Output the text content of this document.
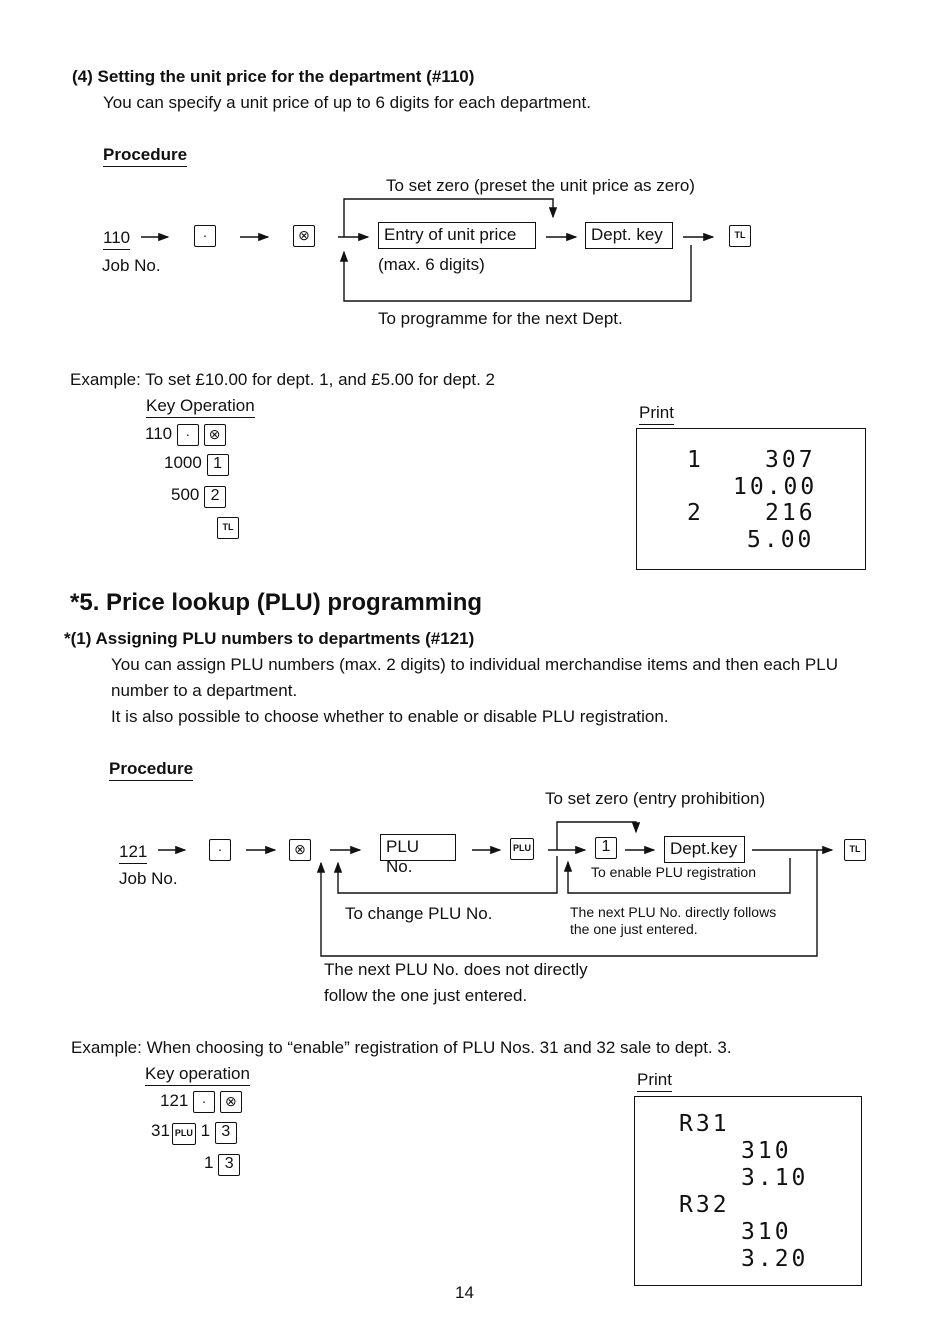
(4) Setting the unit price for the department (#110)
You can specify a unit price of up to 6 digits for each department.
Procedure
To set zero (preset the unit price as zero)
110
Job No.
·	⊗	Entry of unit price
(max. 6 digits)
Dept. key	TL
To programme for the next Dept.
Example: To set £10.00 for dept. 1, and £5.00 for dept. 2
Key Operation
110 · ⊗
1000 1
500 2
TL
Print
1	307
10.00
2	216
5.00
*5. Price lookup (PLU) programming
*(1) Assigning PLU numbers to departments (#121)
You can assign PLU numbers (max. 2 digits) to individual merchandise items and then each PLU
number to a department.
It is also possible to choose whether to enable or disable PLU registration.
Procedure
To set zero (entry prohibition)
121
Job No.
·	⊗	PLU No.
PLU	1	Dept.key	TL
To enable PLU registration
To change PLU No.	The next PLU No. directly follows
the one just entered.
The next PLU No. does not directly
follow the one just entered.
Example: When choosing to “enable” registration of PLU Nos. 31 and 32 sale to dept. 3.
Key operation
121 · ⊗
31 PLU 1 3
1 3
Print
R31
310
3.10
R32
310
3.20
14
